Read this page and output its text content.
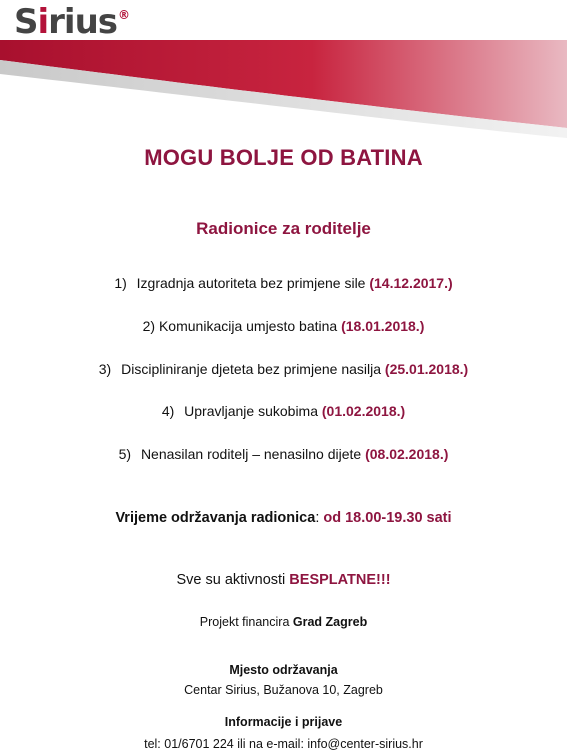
Sirius®
MOGU BOLJE OD BATINA
Radionice za roditelje
1) Izgradnja autoriteta bez primjene sile (14.12.2017.)
2) Komunikacija umjesto batina (18.01.2018.)
3) Discipliniranje djeteta bez primjene nasilja (25.01.2018.)
4) Upravljanje sukobima (01.02.2018.)
5) Nenasilan roditelj – nenasilno dijete (08.02.2018.)
Vrijeme održavanja radionica: od 18.00-19.30 sati
Sve su aktivnosti BESPLATNE!!!
Projekt financira Grad Zagreb
Mjesto održavanja
Centar Sirius, Bužanova 10, Zagreb
Informacije i prijave
tel: 01/6701 224 ili na e-mail: info@center-sirius.hr
